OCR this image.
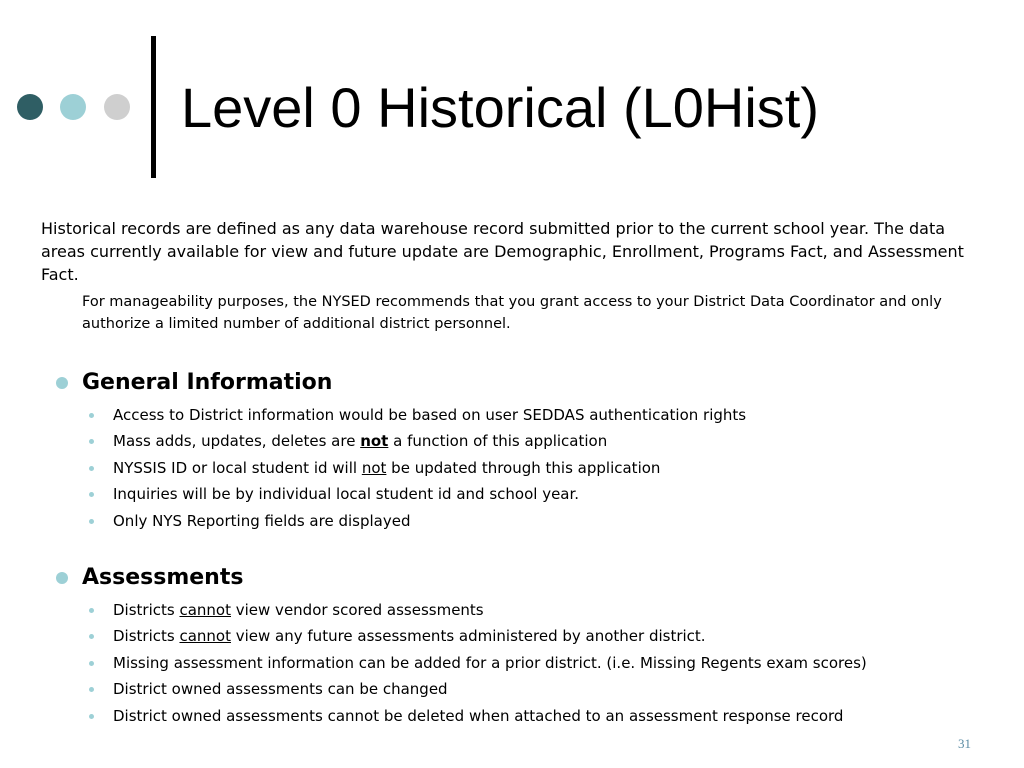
Level 0 Historical (L0Hist)

Historical records are defined as any data warehouse record submitted prior to the current school year. The data areas currently available for view and future update are Demographic, Enrollment, Programs Fact, and Assessment Fact.

For manageability purposes, the NYSED recommends that you grant access to your District Data Coordinator and only authorize a limited number of additional district personnel.

General Information
Access to District information would be based on user SEDDAS authentication rights
Mass adds, updates, deletes are not a function of this application
NYSSIS ID or local student id will not be updated through this application
Inquiries will be by individual local student id and school year.
Only NYS Reporting fields are displayed
Assessments
Districts cannot view vendor scored assessments
Districts cannot view any future assessments administered by another district.
Missing assessment information can be added for a prior district. (i.e. Missing Regents exam scores)
District owned assessments can be changed
District owned assessments cannot be deleted when attached to an assessment response record
31
